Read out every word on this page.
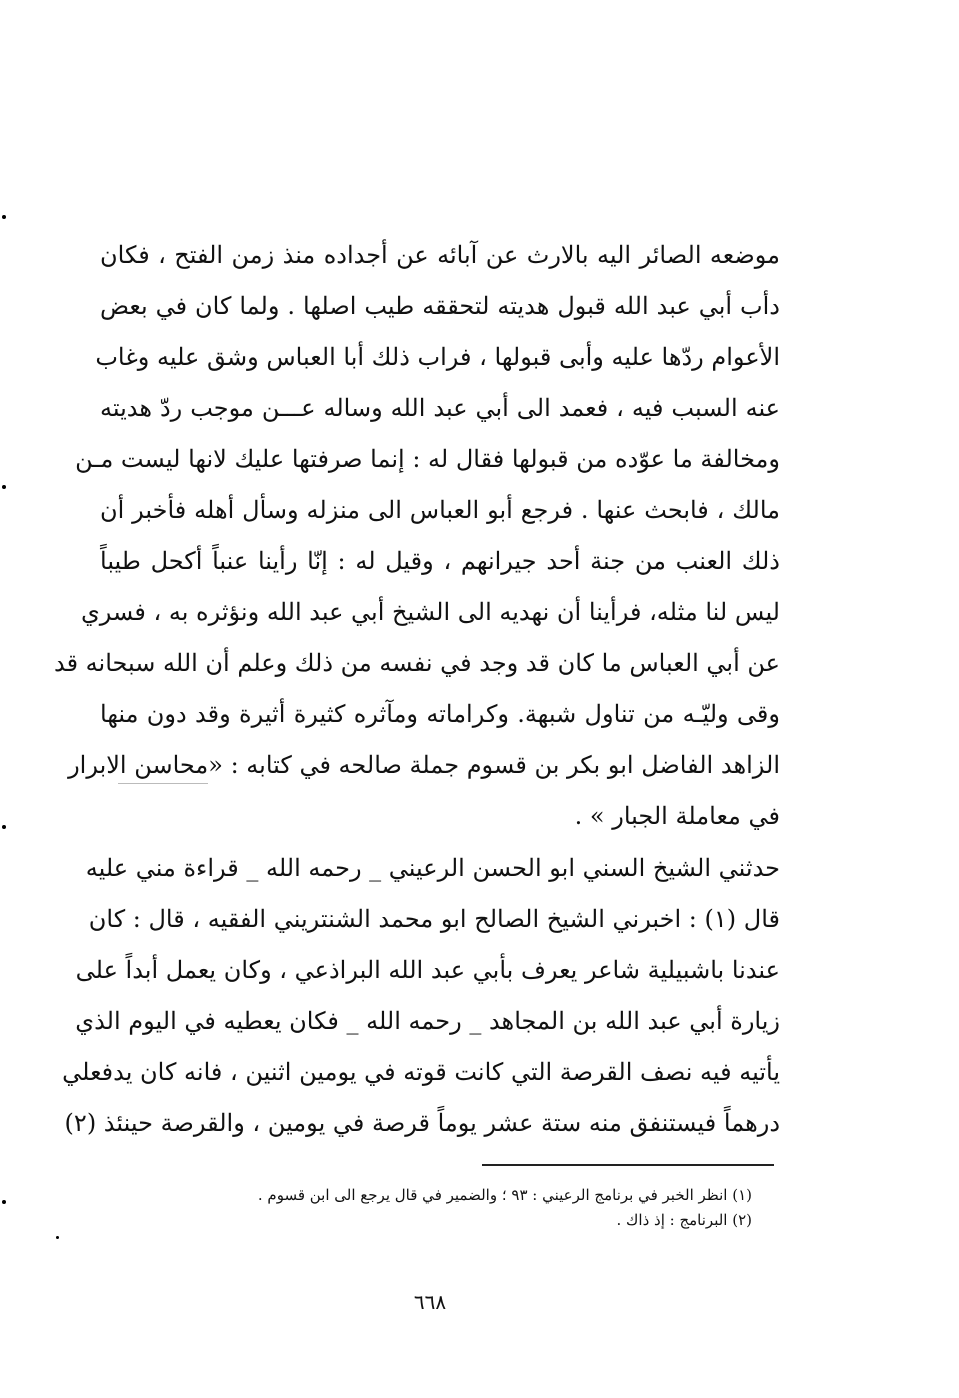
موضعه الصائر اليه بالارث عن آبائه عن أجداده منذ زمن الفتح ، فكان
دأب أبي عبد الله قبول هديته لتحققه طيب اصلها . ولما كان في بعض
الأعوام ردّها عليه وأبى قبولها ، فراب ذلك أبا العباس وشق عليه وغاب
عنه السبب فيه ، فعمد الى أبي عبد الله وساله عـــن موجب ردّ هديته
ومخالفة ما عوّده من قبولها فقال له : إنما صرفتها عليك لانها ليست مـن
مالك ، فابحث عنها . فرجع أبو العباس الى منزله وسأل أهله فأخبر أن
ذلك العنب من جنة أحد جيرانهم ، وقيل له : إنّا رأينا عنباً أكحل طيباً
ليس لنا مثله، فرأينا أن نهديه الى الشيخ أبي عبد الله ونؤثره به ، فسري
عن أبي العباس ما كان قد وجد في نفسه من ذلك وعلم أن الله سبحانه قد
وقى وليّـه من تناول شبهة. وكراماته ومآثره كثيرة أثيرة وقد دون منها
الزاهد الفاضل ابو بكر بن قسوم جملة صالحه في كتابه : «محاسن الابرار
في معاملة الجبار » .
حدثني الشيخ السني ابو الحسن الرعيني _ رحمه الله _ قراءة مني عليه
قال (١) : اخبرني الشيخ الصالح ابو محمد الشنتريني الفقيه ، قال : كان
عندنا باشبيلية شاعر يعرف بأبي عبد الله البراذعي ، وكان يعمل أبداً على
زيارة أبي عبد الله بن المجاهد _ رحمه الله _ فكان يعطيه في اليوم الذي
يأتيه فيه نصف القرصة التي كانت قوته في يومين اثنين ، فانه كان يدفعلي
درهماً فيستنفق منه ستة عشر يوماً قرصة في يومين ، والقرصة حينئذ (٢)
(١) انظر الخبر في برنامج الرعيني : ٩٣ ؛ والضمير في قال يرجع الى ابن قسوم .
(٢) البرنامج : إذ ذاك .
٦٦٨
